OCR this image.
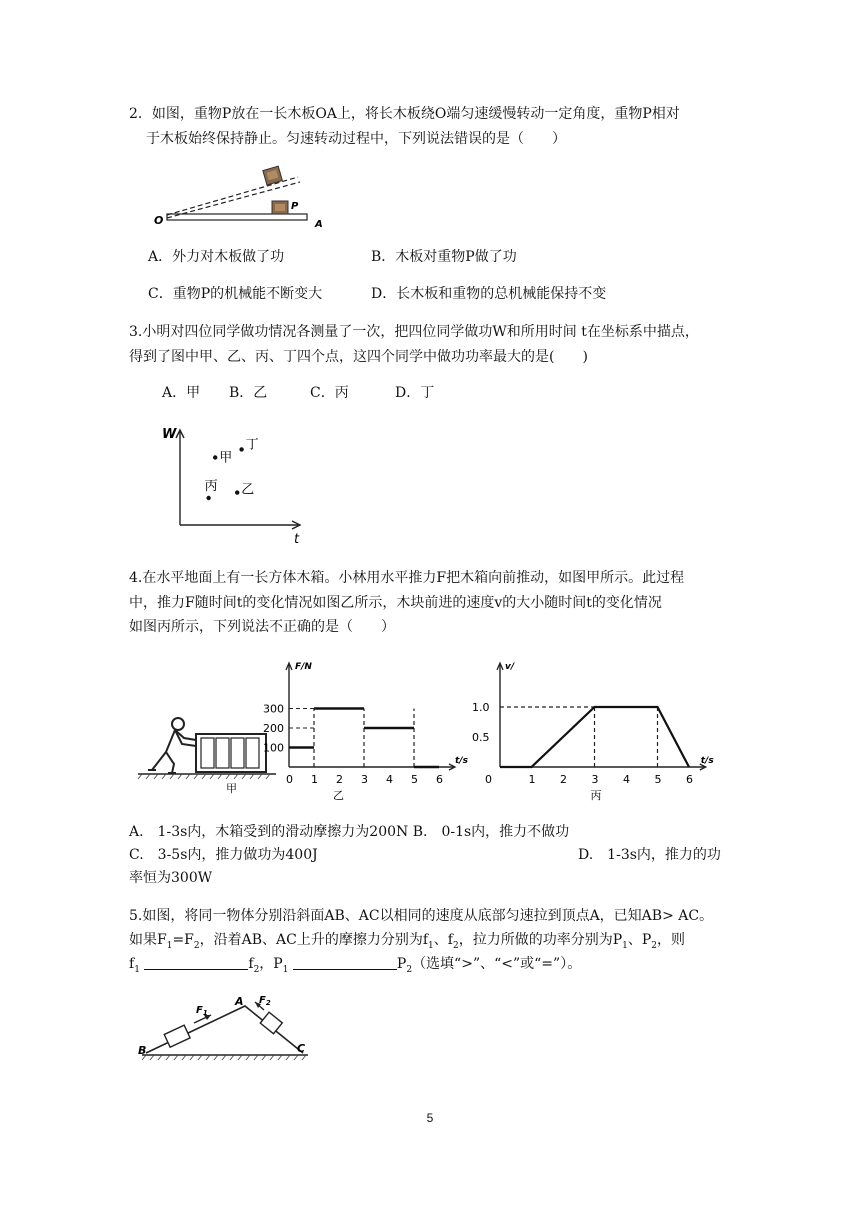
2．如图，重物P放在一长木板OA上，将长木板绕O端匀速缓慢转动一定角度，重物P相对
于木板始终保持静止。匀速转动过程中，下列说法错误的是（　　）
O
P
A
A．外力对木板做了功	B．木板对重物P做了功
C．重物P的机械能不断变大	D．长木板和重物的总机械能保持不变
3.小明对四位同学做功情况各测量了一次，把四位同学做功W和所用时间 t在坐标系中描点，
得到了图中甲、乙、丙、丁四个点，这四个同学中做功功率最大的是(　　)
A．甲 B．乙	C．丙	D．丁
W
t
甲
丁
丙 乙
4.在水平地面上有一长方体木箱。小林用水平推力F把木箱向前推动，如图甲所示。此过程
中，推力F随时间t的变化情况如图乙所示，木块前进的速度v的大小随时间t的变化情况
如图丙所示，下列说法不正确的是（　　）
甲
F/N
t/s
0 1 2 3 4 5 6
100
200
300
乙
v/
t/s
0	1 2 3 4 5 6
0.5
1.0
丙
A.　1-3s内，木箱受到的滑动摩擦力为200N B.　0-1s内，推力不做功
C.　3-5s内，推力做功为400J	D.　1-3s内，推力的功
率恒为300W
5.如图，将同一物体分别沿斜面AB、AC以相同的速度从底部匀速拉到顶点A，已知AB> AC。
如果$F_1=F_2$，沿着AB、AC上升的摩擦力分别为$f_1$、$f_2$，拉力所做的功率分别为$P_1$、$P_2$，则
$f_1$	$f_2$，$P_1$	$P_2$（选填“>”、“<”或“=”）。
$F_1$
$F_2$
A
B	C
5
